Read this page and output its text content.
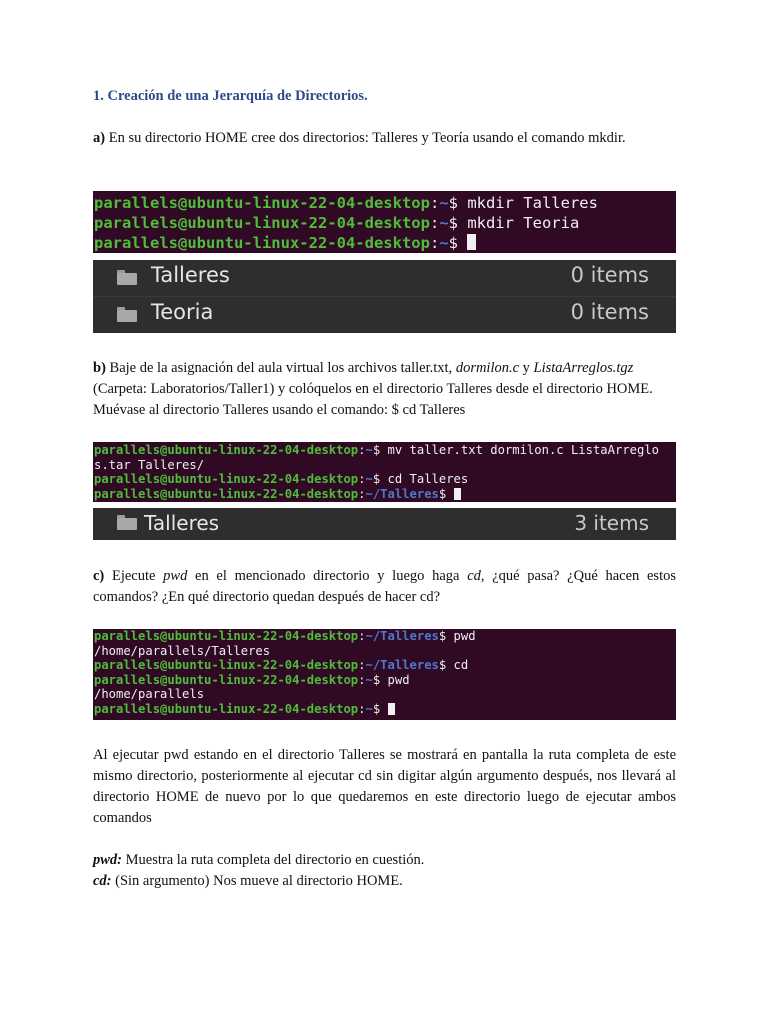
1. Creación de una Jerarquía de Directorios.

a) En su directorio HOME cree dos directorios: Talleres y Teoría usando el comando mkdir.

parallels@ubuntu-linux-22-04-desktop:~$ mkdir Talleres
parallels@ubuntu-linux-22-04-desktop:~$ mkdir Teoria
parallels@ubuntu-linux-22-04-desktop:~$
Talleres	0 items
Teoria	0 items

b) Baje de la asignación del aula virtual los archivos taller.txt, dormilon.c y ListaArreglos.tgz (Carpeta: Laboratorios/Taller1) y colóquelos en el directorio Talleres desde el directorio HOME. Muévase al directorio Talleres usando el comando: $ cd Talleres

parallels@ubuntu-linux-22-04-desktop:~$ mv taller.txt dormilon.c ListaArreglo
s.tar Talleres/
parallels@ubuntu-linux-22-04-desktop:~$ cd Talleres
parallels@ubuntu-linux-22-04-desktop:~/Talleres$
Talleres	3 items

c) Ejecute pwd en el mencionado directorio y luego haga cd, ¿qué pasa? ¿Qué hacen estos comandos? ¿En qué directorio quedan después de hacer cd?

parallels@ubuntu-linux-22-04-desktop:~/Talleres$ pwd
/home/parallels/Talleres
parallels@ubuntu-linux-22-04-desktop:~/Talleres$ cd
parallels@ubuntu-linux-22-04-desktop:~$ pwd
/home/parallels
parallels@ubuntu-linux-22-04-desktop:~$

Al ejecutar pwd estando en el directorio Talleres se mostrará en pantalla la ruta completa de este mismo directorio, posteriormente al ejecutar cd sin digitar algún argumento después, nos llevará al directorio HOME de nuevo por lo que quedaremos en este directorio luego de ejecutar ambos comandos

pwd: Muestra la ruta completa del directorio en cuestión.
cd: (Sin argumento) Nos mueve al directorio HOME.
